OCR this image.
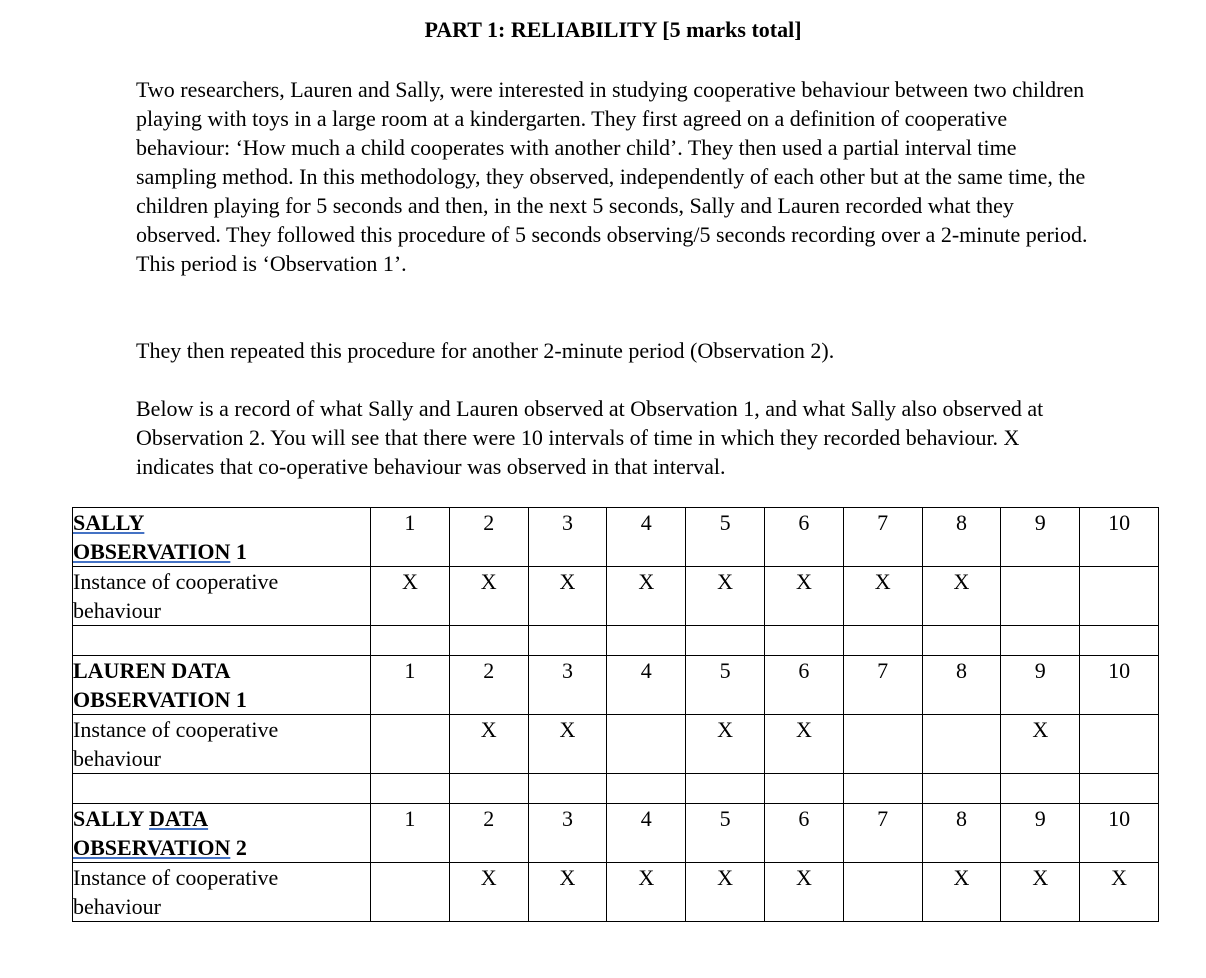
PART 1: RELIABILITY [5 marks total]

Two researchers, Lauren and Sally, were interested in studying cooperative behaviour between two children playing with toys in a large room at a kindergarten. They first agreed on a definition of cooperative behaviour: ‘How much a child cooperates with another child’. They then used a partial interval time sampling method. In this methodology, they observed, independently of each other but at the same time, the children playing for 5 seconds and then, in the next 5 seconds, Sally and Lauren recorded what they observed. They followed this procedure of 5 seconds observing/5 seconds recording over a 2-minute period. This period is ‘Observation 1’.

They then repeated this procedure for another 2-minute period (Observation 2).

Below is a record of what Sally and Lauren observed at Observation 1, and what Sally also observed at Observation 2. You will see that there were 10 intervals of time in which they recorded behaviour. X indicates that co-operative behaviour was observed in that interval.

SALLY
OBSERVATION 1	1	2	3	4	5	6	7	8	9	10
Instance of cooperative behaviour	X	X	X	X	X	X	X	X		

LAUREN DATA
OBSERVATION 1	1	2	3	4	5	6	7	8	9	10
Instance of cooperative behaviour		X	X		X	X			X	

SALLY DATA
OBSERVATION 2	1	2	3	4	5	6	7	8	9	10
Instance of cooperative behaviour		X	X	X	X	X		X	X	X
